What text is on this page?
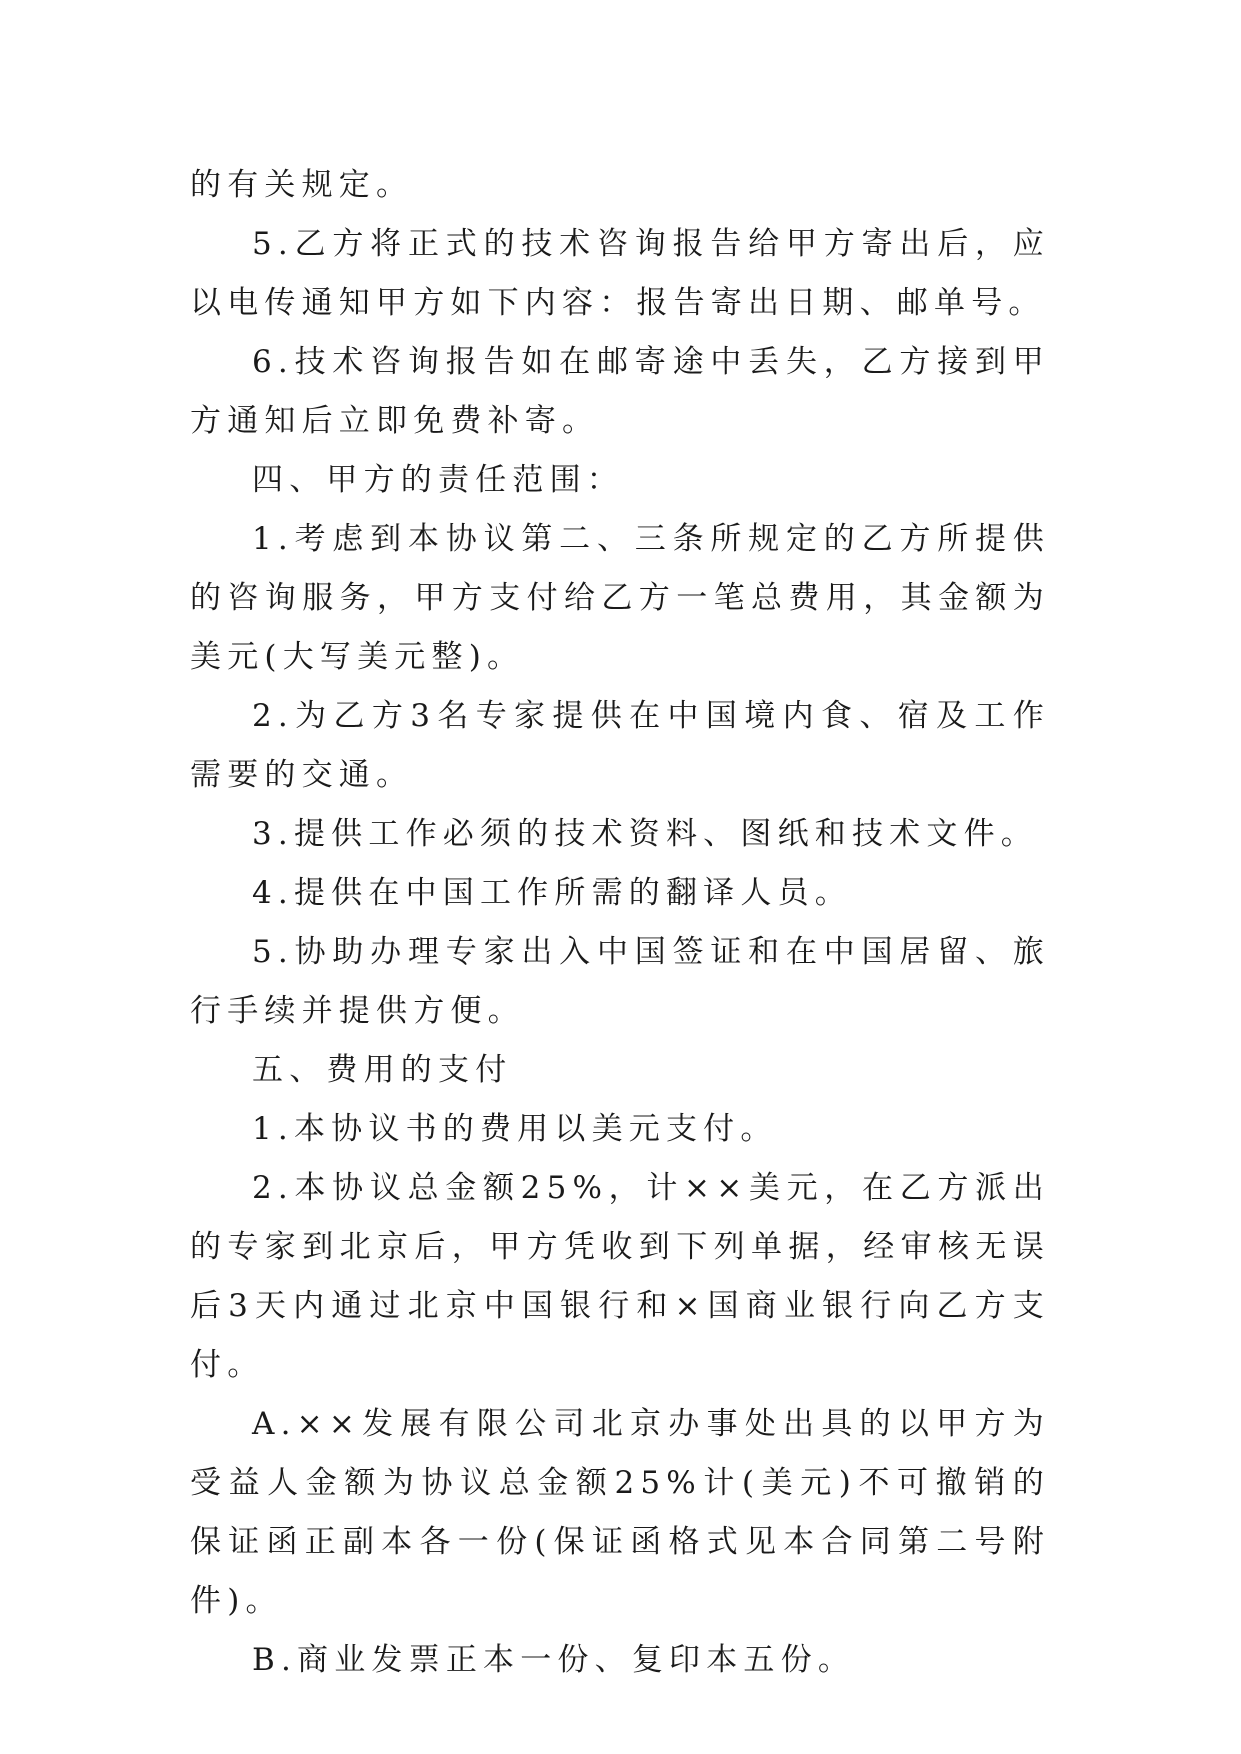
的有关规定。

5.乙方将正式的技术咨询报告给甲方寄出后，应以电传通知甲方如下内容：报告寄出日期、邮单号。

6.技术咨询报告如在邮寄途中丢失，乙方接到甲方通知后立即免费补寄。

四、甲方的责任范围：

1.考虑到本协议第二、三条所规定的乙方所提供的咨询服务，甲方支付给乙方一笔总费用，其金额为 美元(大写美元整)。

2.为乙方3名专家提供在中国境内食、宿及工作需要的交通。

3.提供工作必须的技术资料、图纸和技术文件。

4.提供在中国工作所需的翻译人员。

5.协助办理专家出入中国签证和在中国居留、旅行手续并提供方便。

五、费用的支付

1.本协议书的费用以美元支付。

2.本协议总金额25%，计××美元，在乙方派出的专家到北京后，甲方凭收到下列单据，经审核无误后3天内通过北京中国银行和×国商业银行向乙方支付。

A.××发展有限公司北京办事处出具的以甲方为受益人金额为协议总金额25%计(美元)不可撤销的保证函正副本各一份(保证函格式见本合同第二号附件)。

B.商业发票正本一份、复印本五份。
